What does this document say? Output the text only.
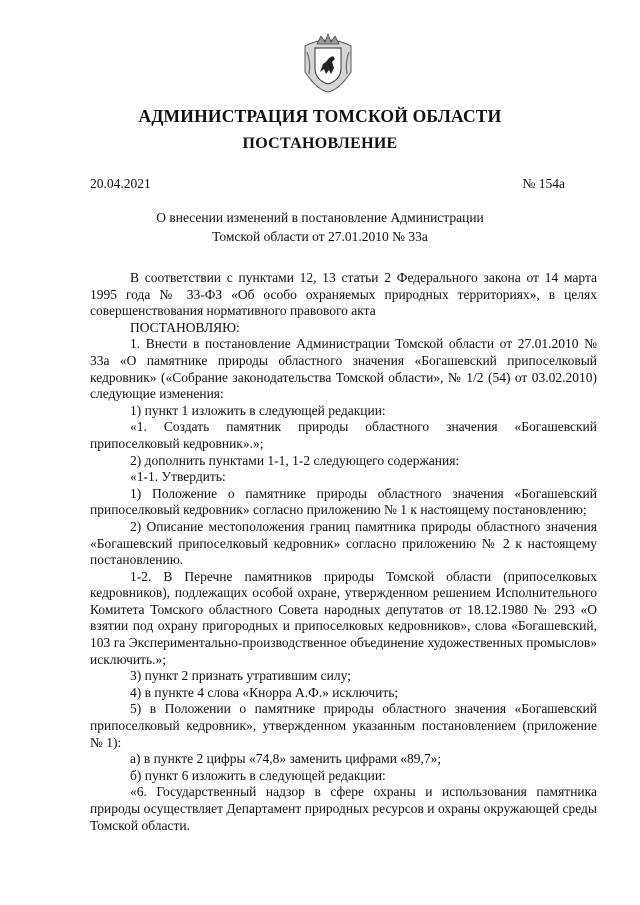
АДМИНИСТРАЦИЯ ТОМСКОЙ ОБЛАСТИ
ПОСТАНОВЛЕНИЕ
20.04.2021	№ 154а
О внесении изменений в постановление Администрации
Томской области от 27.01.2010 № 33а

В соответствии с пунктами 12, 13 статьи 2 Федерального закона от 14 марта 1995 года № 33-ФЗ «Об особо охраняемых природных территориях», в целях совершенствования нормативного правового акта

ПОСТАНОВЛЯЮ:

1. Внести в постановление Администрации Томской области от 27.01.2010 № 33а «О памятнике природы областного значения «Богашевский припоселковый кедровник» («Собрание законодательства Томской области», № 1/2 (54) от 03.02.2010) следующие изменения:

1) пункт 1 изложить в следующей редакции:

«1. Создать памятник природы областного значения «Богашевский припоселковый кедровник».»;

2) дополнить пунктами 1-1, 1-2 следующего содержания:

«1-1. Утвердить:

1) Положение о памятнике природы областного значения «Богашевский припоселковый кедровник» согласно приложению № 1 к настоящему постановлению;

2) Описание местоположения границ памятника природы областного значения «Богашевский припоселковый кедровник» согласно приложению № 2 к настоящему постановлению.

1-2. В Перечне памятников природы Томской области (припоселковых кедровников), подлежащих особой охране, утвержденном решением Исполнительного Комитета Томского областного Совета народных депутатов от 18.12.1980 № 293 «О взятии под охрану пригородных и припоселковых кедровников», слова «Богашевский, 103 га Экспериментально-производственное объединение художественных промыслов» исключить.»;

3) пункт 2 признать утратившим силу;

4) в пункте 4 слова «Кнорра А.Ф.» исключить;

5) в Положении о памятнике природы областного значения «Богашевский припоселковый кедровник», утвержденном указанным постановлением (приложение № 1):

а) в пункте 2 цифры «74,8» заменить цифрами «89,7»;

б) пункт 6 изложить в следующей редакции:

«6. Государственный надзор в сфере охраны и использования памятника природы осуществляет Департамент природных ресурсов и охраны окружающей среды Томской области.
